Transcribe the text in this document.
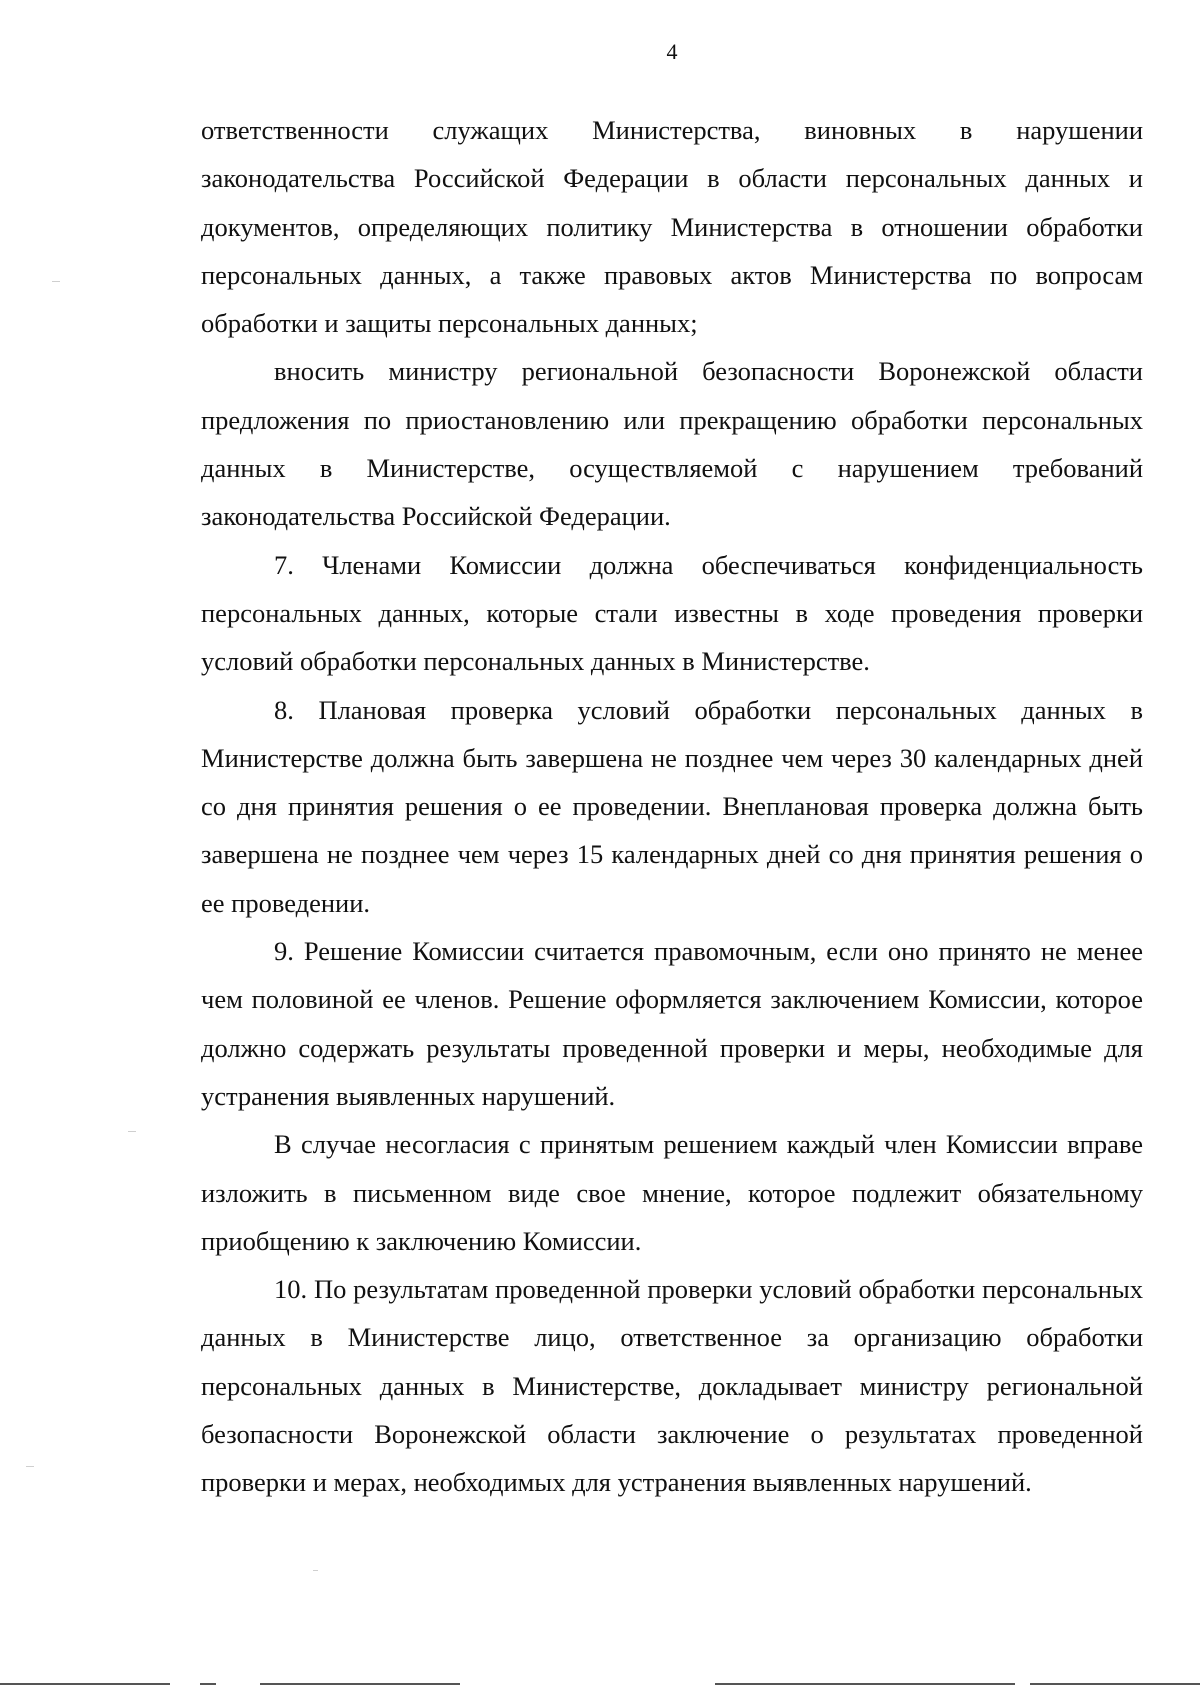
4

ответственности служащих Министерства, виновных в нарушении законодательства Российской Федерации в области персональных данных и документов, определяющих политику Министерства в отношении обработки персональных данных, а также правовых актов Министерства по вопросам обработки и защиты персональных данных;

вносить министру региональной безопасности Воронежской области предложения по приостановлению или прекращению обработки персональных данных в Министерстве, осуществляемой с нарушением требований законодательства Российской Федерации.

7. Членами Комиссии должна обеспечиваться конфиденциальность персональных данных, которые стали известны в ходе проведения проверки условий обработки персональных данных в Министерстве.

8. Плановая проверка условий обработки персональных данных в Министерстве должна быть завершена не позднее чем через 30 календарных дней со дня принятия решения о ее проведении. Внеплановая проверка должна быть завершена не позднее чем через 15 календарных дней со дня принятия решения о ее проведении.

9. Решение Комиссии считается правомочным, если оно принято не менее чем половиной ее членов. Решение оформляется заключением Комиссии, которое должно содержать результаты проведенной проверки и меры, необходимые для устранения выявленных нарушений.

В случае несогласия с принятым решением каждый член Комиссии вправе изложить в письменном виде свое мнение, которое подлежит обязательному приобщению к заключению Комиссии.

10. По результатам проведенной проверки условий обработки персональных данных в Министерстве лицо, ответственное за организацию обработки персональных данных в Министерстве, докладывает министру региональной безопасности Воронежской области заключение о результатах проведенной проверки и мерах, необходимых для устранения выявленных нарушений.
